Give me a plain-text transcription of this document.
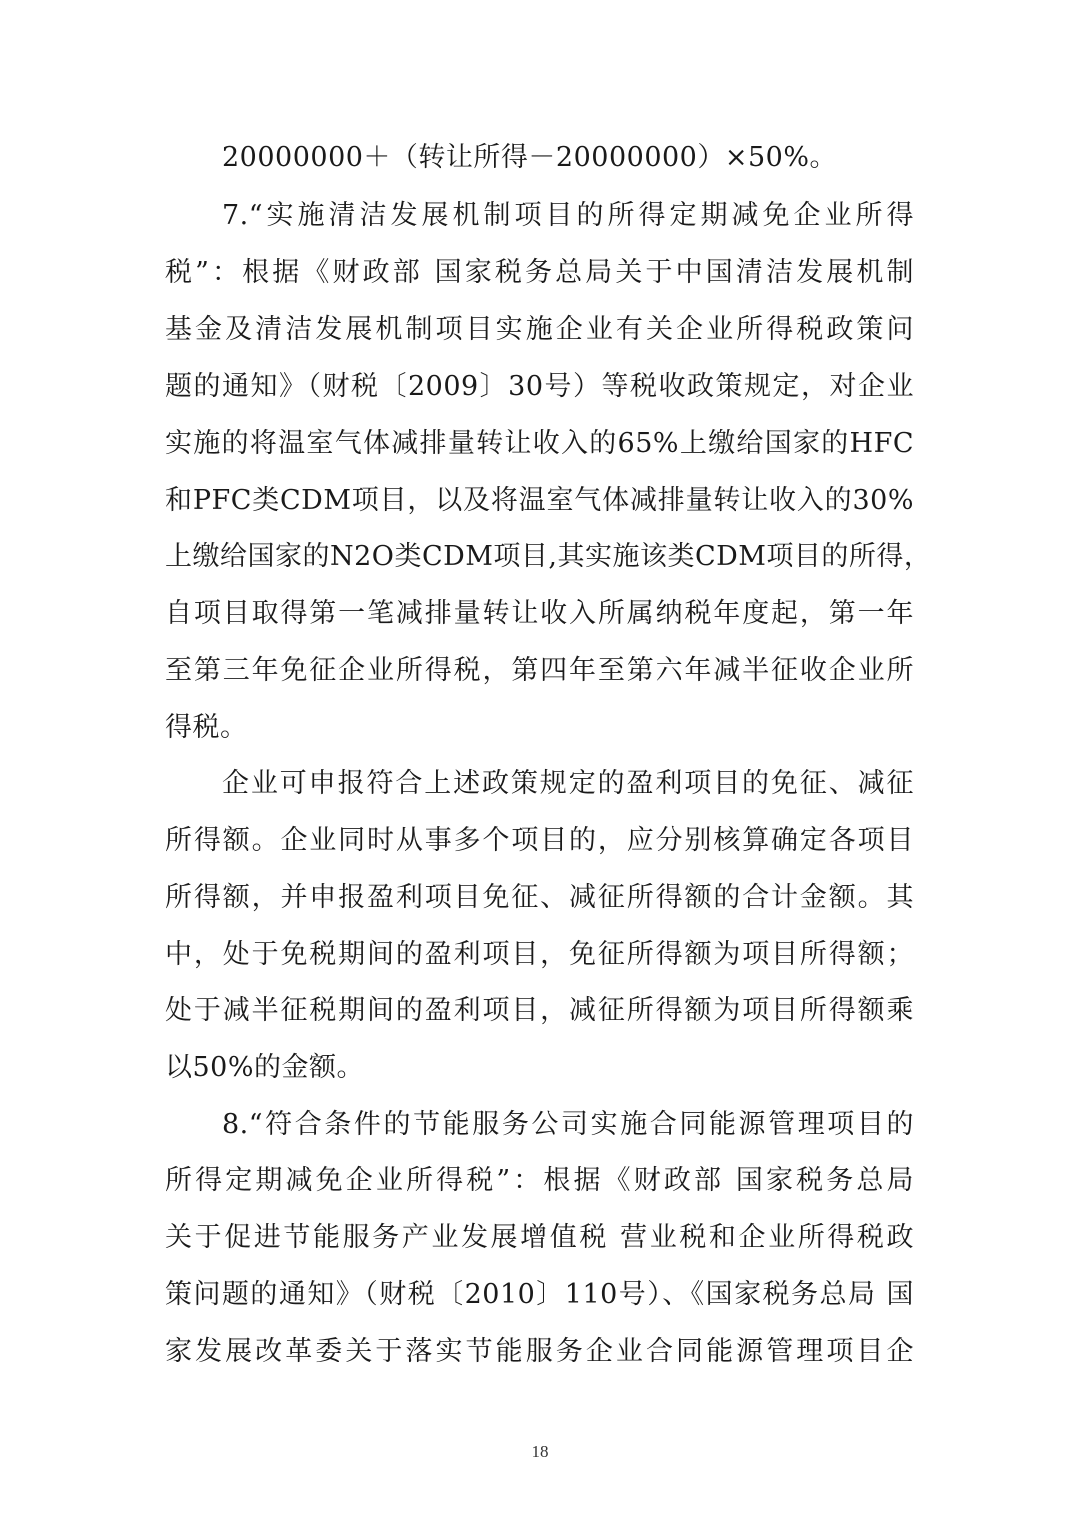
20000000＋（转让所得－20000000）×50%。
7.“实施清洁发展机制项目的所得定期减免企业所得
税”：根据《财政部 国家税务总局关于中国清洁发展机制
基金及清洁发展机制项目实施企业有关企业所得税政策问
题的通知》（财税〔2009〕30号）等税收政策规定，对企业
实施的将温室气体减排量转让收入的65%上缴给国家的HFC
和PFC类CDM项目，以及将温室气体减排量转让收入的30%
上缴给国家的N2O类CDM项目,其实施该类CDM项目的所得，
自项目取得第一笔减排量转让收入所属纳税年度起，第一年
至第三年免征企业所得税，第四年至第六年减半征收企业所
得税。
企业可申报符合上述政策规定的盈利项目的免征、减征
所得额。企业同时从事多个项目的，应分别核算确定各项目
所得额，并申报盈利项目免征、减征所得额的合计金额。其
中，处于免税期间的盈利项目，免征所得额为项目所得额；
处于减半征税期间的盈利项目，减征所得额为项目所得额乘
以50%的金额。
8.“符合条件的节能服务公司实施合同能源管理项目的
所得定期减免企业所得税”：根据《财政部 国家税务总局
关于促进节能服务产业发展增值税 营业税和企业所得税政
策问题的通知》（财税〔2010〕110号）、《国家税务总局 国
家发展改革委关于落实节能服务企业合同能源管理项目企
18
